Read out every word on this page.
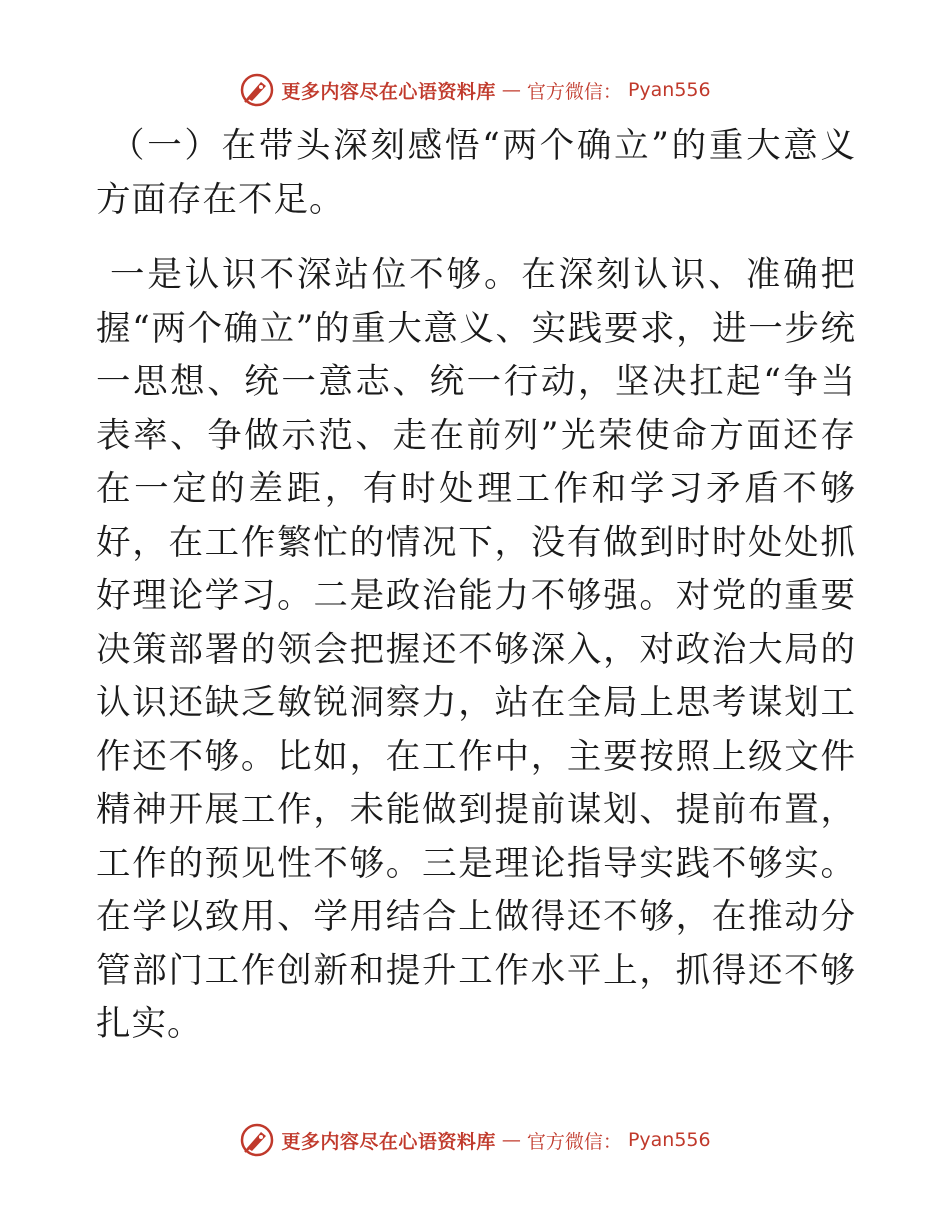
更多内容尽在心语资料库 — 官方微信： Pyan556

（一）在带头深刻感悟“两个确立”的重大意义方面存在不足。

一是认识不深站位不够。在深刻认识、准确把握“两个确立”的重大意义、实践要求，进一步统一思想、统一意志、统一行动，坚决扛起“争当表率、争做示范、走在前列”光荣使命方面还存在一定的差距，有时处理工作和学习矛盾不够好，在工作繁忙的情况下，没有做到时时处处抓好理论学习。二是政治能力不够强。对党的重要决策部署的领会把握还不够深入，对政治大局的认识还缺乏敏锐洞察力，站在全局上思考谋划工作还不够。比如，在工作中，主要按照上级文件精神开展工作，未能做到提前谋划、提前布置，工作的预见性不够。三是理论指导实践不够实。在学以致用、学用结合上做得还不够，在推动分管部门工作创新和提升工作水平上，抓得还不够扎实。

更多内容尽在心语资料库 — 官方微信： Pyan556
